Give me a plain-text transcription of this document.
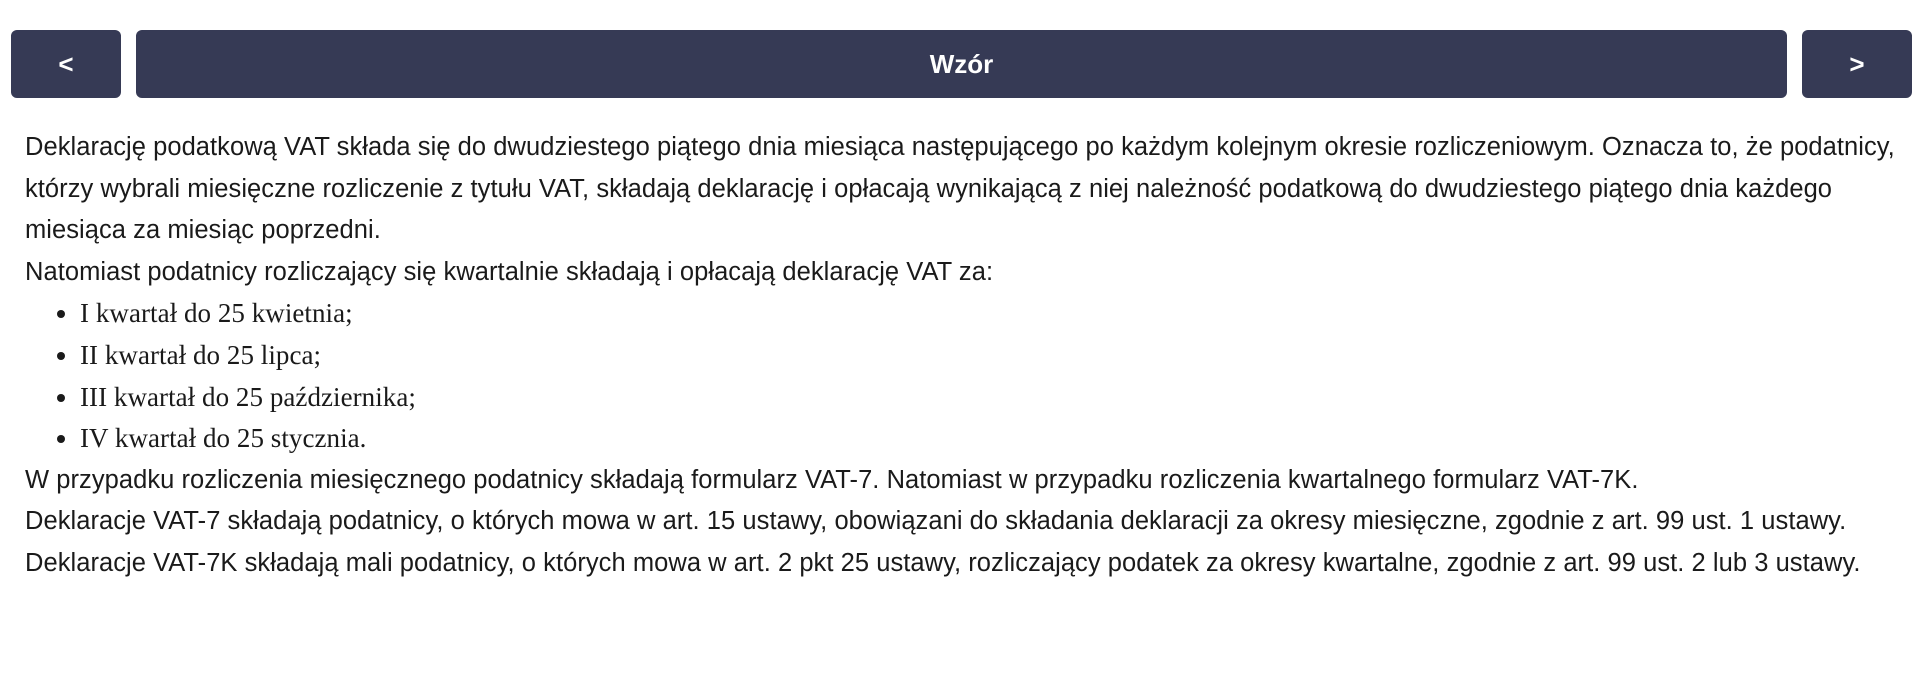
<	Wzór	>

Deklarację podatkową VAT składa się do dwudziestego piątego dnia miesiąca następującego po każdym kolejnym okresie rozliczeniowym. Oznacza to, że podatnicy, którzy wybrali miesięczne rozliczenie z tytułu VAT, składają deklarację i opłacają wynikającą z niej należność podatkową do dwudziestego piątego dnia każdego miesiąca za miesiąc poprzedni.

Natomiast podatnicy rozliczający się kwartalnie składają i opłacają deklarację VAT za:

• I kwartał do 25 kwietnia;
• II kwartał do 25 lipca;
• III kwartał do 25 października;
• IV kwartał do 25 stycznia.

W przypadku rozliczenia miesięcznego podatnicy składają formularz VAT-7. Natomiast w przypadku rozliczenia kwartalnego formularz VAT-7K.

Deklaracje VAT-7 składają podatnicy, o których mowa w art. 15 ustawy, obowiązani do składania deklaracji za okresy miesięczne, zgodnie z art. 99 ust. 1 ustawy.

Deklaracje VAT-7K składają mali podatnicy, o których mowa w art. 2 pkt 25 ustawy, rozliczający podatek za okresy kwartalne, zgodnie z art. 99 ust. 2 lub 3 ustawy.
